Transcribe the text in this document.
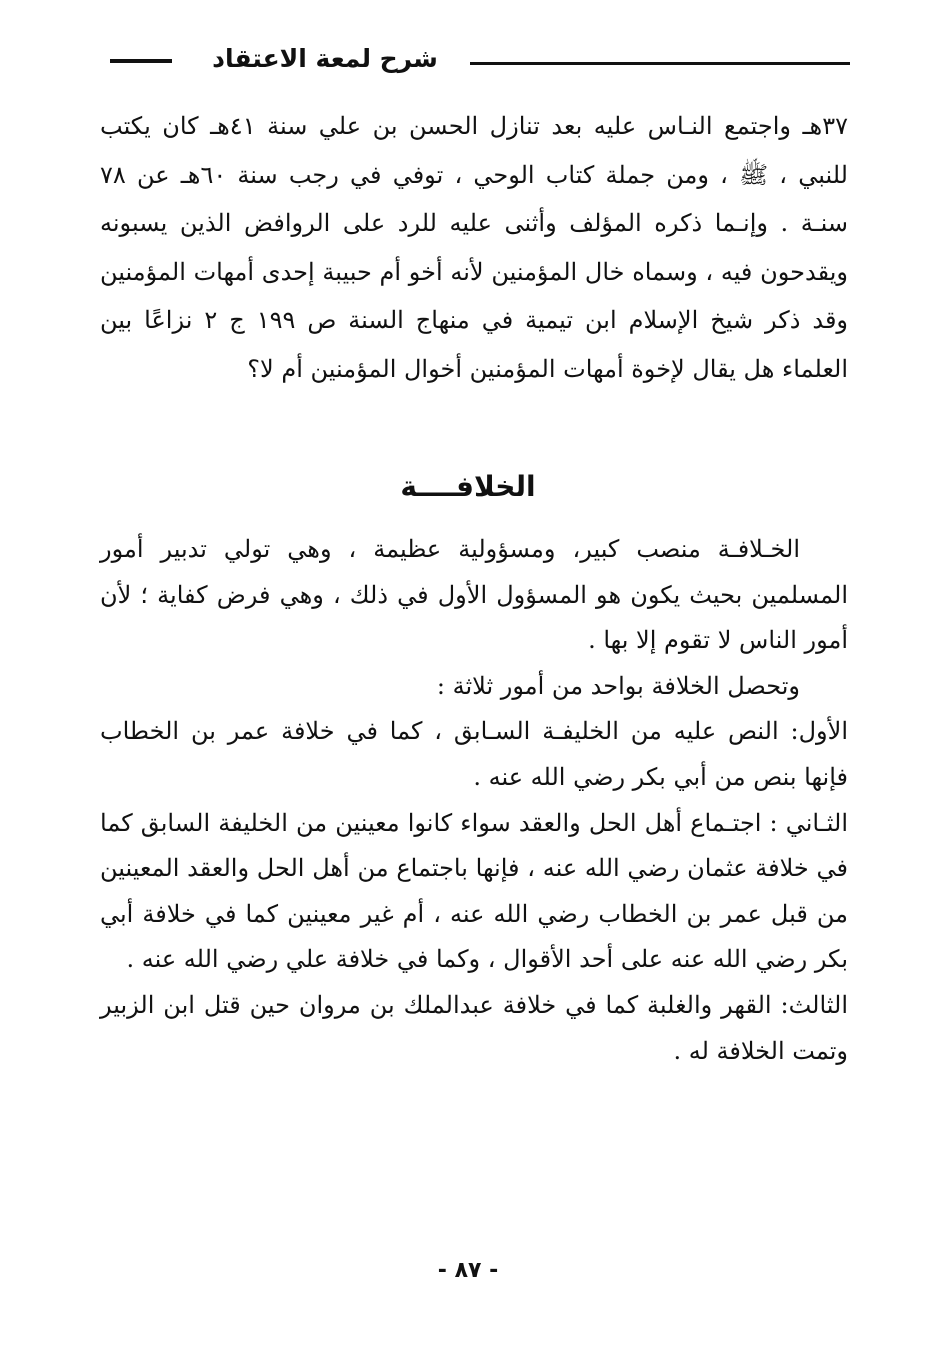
شرح لمعة الاعتقاد

٣٧هـ واجتمع النـاس عليه بعد تنازل الحسن بن علي سنة ٤١هـ كان يكتب للنبي ، ﷺ ، ومن جملة كتاب الوحي ، توفي في رجب سنة ٦٠هـ عن ٧٨ سنـة . وإنـما ذكره المؤلف وأثنى عليه للرد على الروافض الذين يسبونه ويقدحون فيه ، وسماه خال المؤمنين لأنه أخو أم حبيبة إحدى أمهات المؤمنين وقد ذكر شيخ الإسلام ابن تيمية في منهاج السنة ص ١٩٩ ج ٢ نزاعًا بين العلماء هل يقال لإخوة أمهات المؤمنين أخوال المؤمنين أم لا؟

الخلافــــة

الخـلافـة منصب كبير، ومسؤولية عظيمة ، وهي تولي تدبير أمور المسلمين بحيث يكون هو المسؤول الأول في ذلك ، وهي فرض كفاية ؛ لأن أمور الناس لا تقوم إلا بها .

وتحصل الخلافة بواحد من أمور ثلاثة :

الأول: النص عليه من الخليفـة السـابق ، كما في خلافة عمر بن الخطاب فإنها بنص من أبي بكر رضي الله عنه .

الثـاني : اجتـماع أهل الحل والعقد سواء كانوا معينين من الخليفة السابق كما في خلافة عثمان رضي الله عنه ، فإنها باجتماع من أهل الحل والعقد المعينين من قبل عمر بن الخطاب رضي الله عنه ، أم غير معينين كما في خلافة أبي بكر رضي الله عنه على أحد الأقوال ، وكما في خلافة علي رضي الله عنه .

الثالث: القهر والغلبة كما في خلافة عبدالملك بن مروان حين قتل ابن الزبير وتمت الخلافة له .

- ٨٧ -
